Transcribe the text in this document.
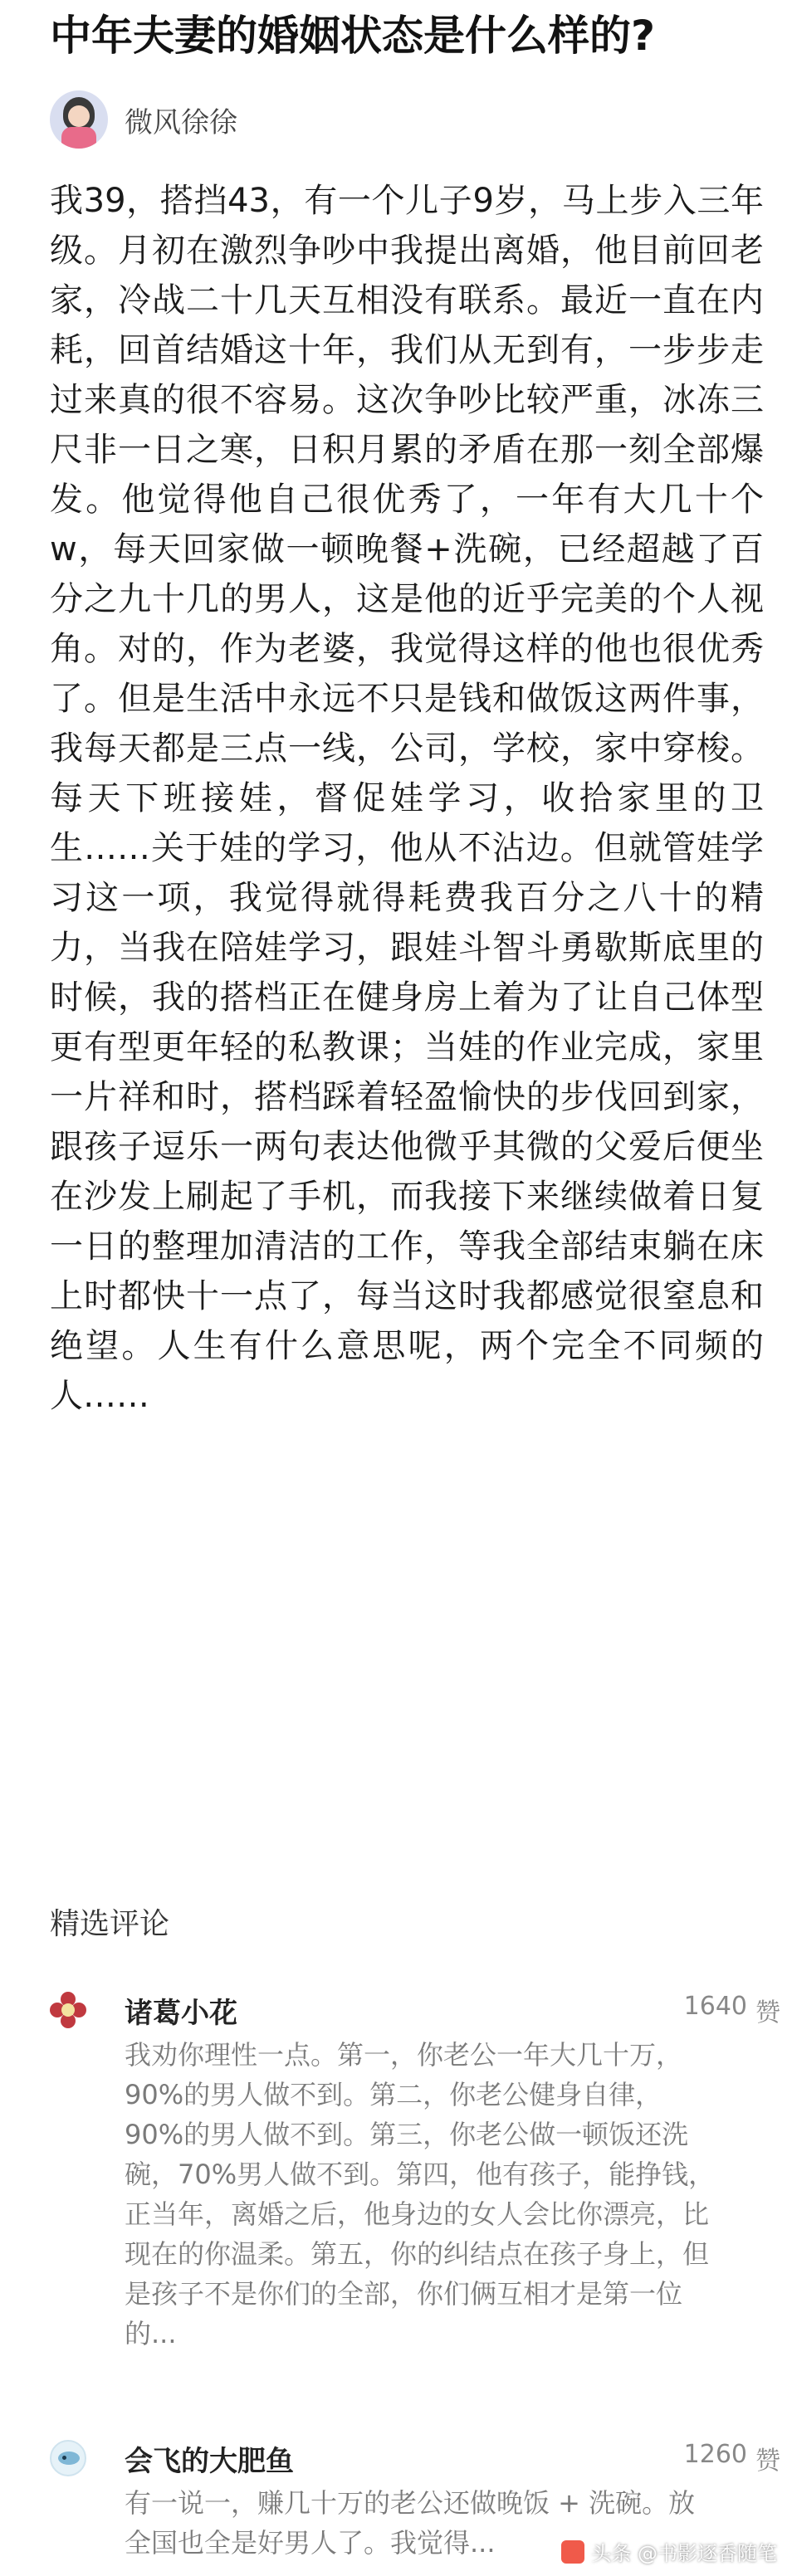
中年夫妻的婚姻状态是什么样的?
微风徐徐
我39，搭挡43，有一个儿子9岁，马上步入三年级。月初在激烈争吵中我提出离婚，他目前回老家，冷战二十几天互相没有联系。最近一直在内耗，回首结婚这十年，我们从无到有，一步步走过来真的很不容易。这次争吵比较严重，冰冻三尺非一日之寒，日积月累的矛盾在那一刻全部爆发。他觉得他自己很优秀了，一年有大几十个w，每天回家做一顿晚餐+洗碗，已经超越了百分之九十几的男人，这是他的近乎完美的个人视角。对的，作为老婆，我觉得这样的他也很优秀了。但是生活中永远不只是钱和做饭这两件事，我每天都是三点一线，公司，学校，家中穿梭。每天下班接娃，督促娃学习，收拾家里的卫生……关于娃的学习，他从不沾边。但就管娃学习这一项，我觉得就得耗费我百分之八十的精力，当我在陪娃学习，跟娃斗智斗勇歇斯底里的时候，我的搭档正在健身房上着为了让自己体型更有型更年轻的私教课；当娃的作业完成，家里一片祥和时，搭档踩着轻盈愉快的步伐回到家，跟孩子逗乐一两句表达他微乎其微的父爱后便坐在沙发上刷起了手机，而我接下来继续做着日复一日的整理加清洁的工作，等我全部结束躺在床上时都快十一点了，每当这时我都感觉很窒息和绝望。人生有什么意思呢，两个完全不同频的人……
精选评论
诸葛小花	1640 赞
我劝你理性一点。第一，你老公一年大几十万，90%的男人做不到。第二，你老公健身自律，90%的男人做不到。第三，你老公做一顿饭还洗碗，70%男人做不到。第四，他有孩子，能挣钱，正当年，离婚之后，他身边的女人会比你漂亮，比现在的你温柔。第五，你的纠结点在孩子身上，但是孩子不是你们的全部，你们俩互相才是第一位的...
会飞的大肥鱼	1260 赞
有一说一，赚几十万的老公还做晚饭 + 洗碗。放全国也全是好男人了。我觉得...	头条 @书影逐香随笔
